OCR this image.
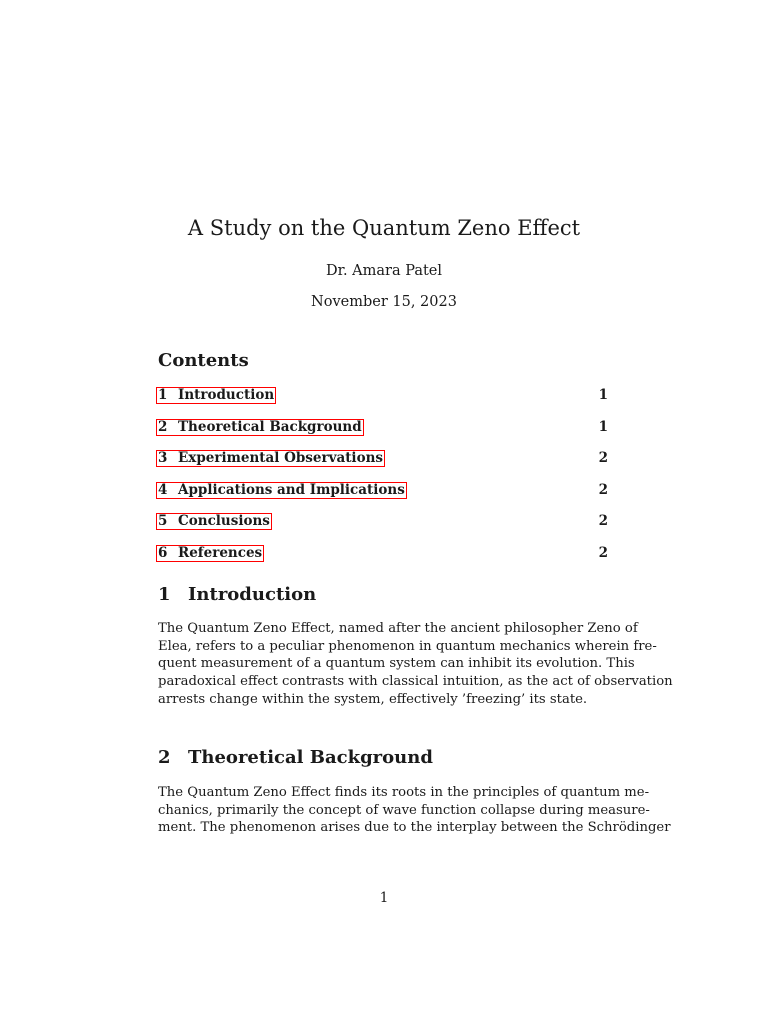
A Study on the Quantum Zeno Effect
Dr. Amara Patel
November 15, 2023
Contents
1 Introduction	1
2 Theoretical Background	1
3 Experimental Observations	2
4 Applications and Implications	2
5 Conclusions	2
6 References	2
1 Introduction

The Quantum Zeno Effect, named after the ancient philosopher Zeno of
Elea, refers to a peculiar phenomenon in quantum mechanics wherein fre-
quent measurement of a quantum system can inhibit its evolution. This
paradoxical effect contrasts with classical intuition, as the act of observation
arrests change within the system, effectively ’freezing’ its state.

2 Theoretical Background

The Quantum Zeno Effect finds its roots in the principles of quantum me-
chanics, primarily the concept of wave function collapse during measure-
ment. The phenomenon arises due to the interplay between the Schrödinger

1
